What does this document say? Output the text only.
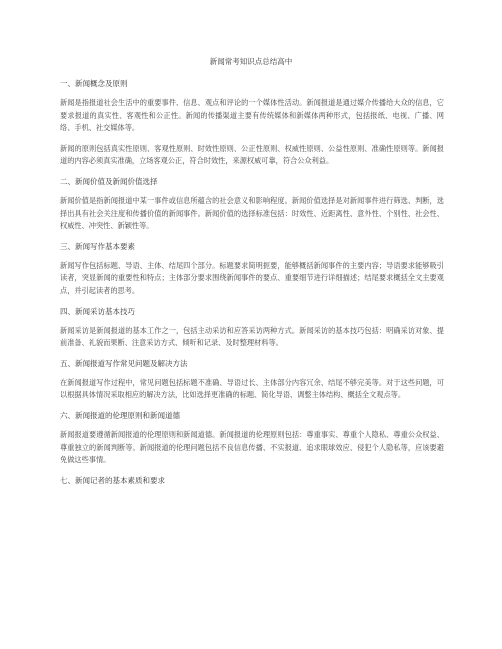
新闻常考知识点总结高中
一、新闻概念及原则
新闻是指报道社会生活中的重要事件、信息、观点和评论的一个媒体性活动。新闻报道是通过媒介传播给大众的信息，它要求报道的真实性、客观性和公正性。新闻的传播渠道主要有传统媒体和新媒体两种形式，包括报纸、电视、广播、网络、手机、社交媒体等。
新闻的原则包括真实性原则、客观性原则、时效性原则、公正性原则、权威性原则、公益性原则、准确性原则等。新闻报道的内容必须真实准确，立场客观公正，符合时效性，来源权威可靠，符合公众利益。
二、新闻价值及新闻价值选择
新闻价值是指新闻报道中某一事件或信息所蕴含的社会意义和影响程度。新闻价值选择是对新闻事件进行筛选、判断，选择出具有社会关注度和传播价值的新闻事件。新闻价值的选择标准包括：时效性、近距离性、意外性、个别性、社会性、权威性、冲突性、新颖性等。
三、新闻写作基本要素
新闻写作包括标题、导语、主体、结尾四个部分。标题要求简明扼要，能够概括新闻事件的主要内容；导语要求能够吸引读者，突显新闻的重要性和特点；主体部分要求围绕新闻事件的要点、重要细节进行详细描述；结尾要求概括全文主要观点，并引起读者的思考。
四、新闻采访基本技巧
新闻采访是新闻报道的基本工作之一，包括主动采访和应答采访两种方式。新闻采访的基本技巧包括：明确采访对象、提前准备、礼貌而果断、注意采访方式、倾听和记录、及时整理材料等。
五、新闻报道写作常见问题及解决方法
在新闻报道写作过程中，常见问题包括标题不准确、导语过长、主体部分内容冗余、结尾不够完美等。对于这些问题，可以根据具体情况采取相应的解决方法，比如选择更准确的标题、简化导语、调整主体结构、概括全文观点等。
六、新闻报道的伦理原则和新闻道德
新闻报道要遵循新闻报道的伦理原则和新闻道德。新闻报道的伦理原则包括：尊重事实、尊重个人隐私、尊重公众权益、尊重独立的新闻判断等。新闻报道的伦理问题包括不良信息传播、不实报道、追求眼球效应、侵犯个人隐私等，应该要避免做这些事情。
七、新闻记者的基本素质和要求
